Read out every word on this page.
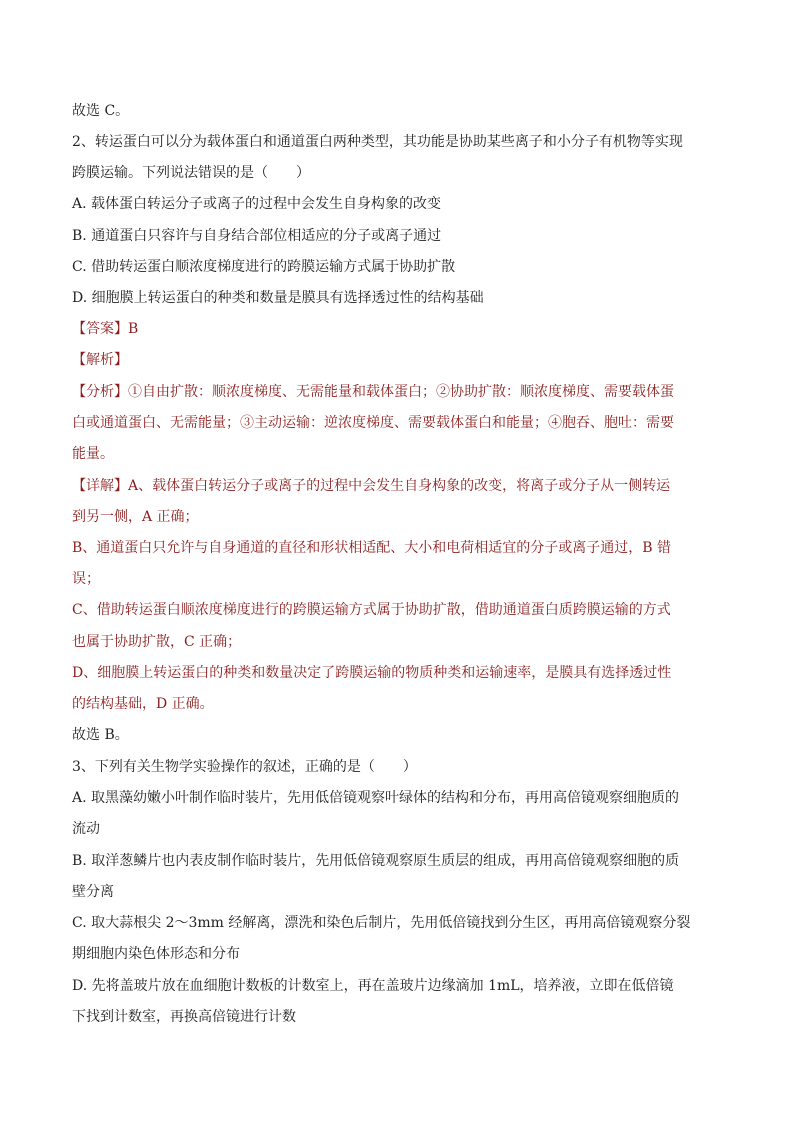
故选 C。
2、转运蛋白可以分为载体蛋白和通道蛋白两种类型，其功能是协助某些离子和小分子有机物等实现
跨膜运输。下列说法错误的是（　　）
A. 载体蛋白转运分子或离子的过程中会发生自身构象的改变
B. 通道蛋白只容许与自身结合部位相适应的分子或离子通过
C. 借助转运蛋白顺浓度梯度进行的跨膜运输方式属于协助扩散
D. 细胞膜上转运蛋白的种类和数量是膜具有选择透过性的结构基础
【答案】B
【解析】
【分析】①自由扩散：顺浓度梯度、无需能量和载体蛋白；②协助扩散：顺浓度梯度、需要载体蛋
白或通道蛋白、无需能量；③主动运输：逆浓度梯度、需要载体蛋白和能量；④胞吞、胞吐：需要
能量。
【详解】A、载体蛋白转运分子或离子的过程中会发生自身构象的改变，将离子或分子从一侧转运
到另一侧，A 正确；
B、通道蛋白只允许与自身通道的直径和形状相适配、大小和电荷相适宜的分子或离子通过，B 错
误；
C、借助转运蛋白顺浓度梯度进行的跨膜运输方式属于协助扩散，借助通道蛋白质跨膜运输的方式
也属于协助扩散，C 正确；
D、细胞膜上转运蛋白的种类和数量决定了跨膜运输的物质种类和运输速率，是膜具有选择透过性
的结构基础，D 正确。
故选 B。
3、下列有关生物学实验操作的叙述，正确的是（　　）
A. 取黑藻幼嫩小叶制作临时装片，先用低倍镜观察叶绿体的结构和分布，再用高倍镜观察细胞质的
流动
B. 取洋葱鳞片也内表皮制作临时装片，先用低倍镜观察原生质层的组成，再用高倍镜观察细胞的质
壁分离
C. 取大蒜根尖 2～3mm 经解离，漂洗和染色后制片，先用低倍镜找到分生区，再用高倍镜观察分裂
期细胞内染色体形态和分布
D. 先将盖玻片放在血细胞计数板的计数室上，再在盖玻片边缘滴加 1mL，培养液，立即在低倍镜
下找到计数室，再换高倍镜进行计数
